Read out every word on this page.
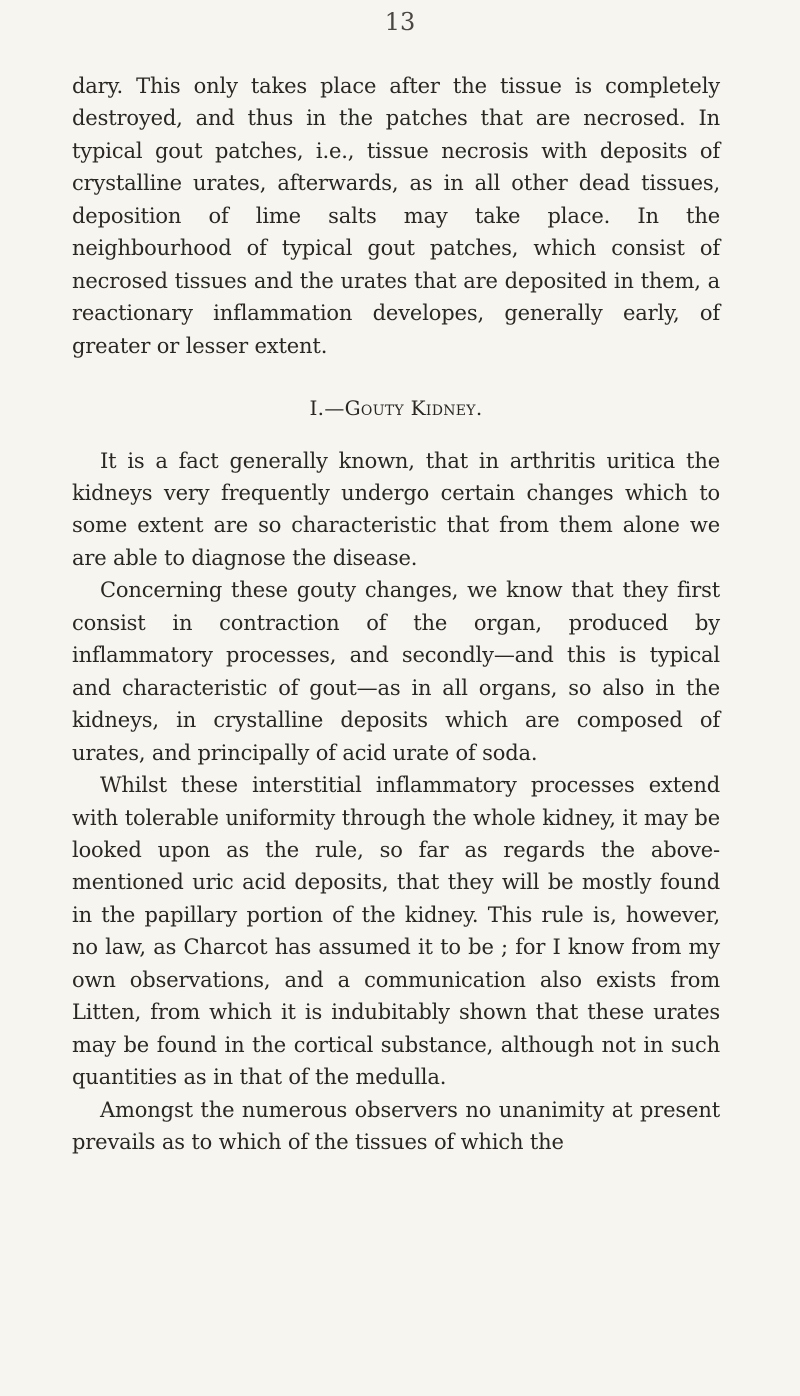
13

dary. This only takes place after the tissue is completely destroyed, and thus in the patches that are necrosed. In typical gout patches, i.e., tissue necrosis with deposits of crystalline urates, afterwards, as in all other dead tissues, deposition of lime salts may take place. In the neighbourhood of typical gout patches, which consist of necrosed tissues and the urates that are deposited in them, a reactionary inflammation developes, generally early, of greater or lesser extent.

I.—Gouty Kidney.

It is a fact generally known, that in arthritis uritica the kidneys very frequently undergo certain changes which to some extent are so characteristic that from them alone we are able to diagnose the disease.

Concerning these gouty changes, we know that they first consist in contraction of the organ, produced by inflammatory processes, and secondly—and this is typical and characteristic of gout—as in all organs, so also in the kidneys, in crystalline deposits which are composed of urates, and principally of acid urate of soda.

Whilst these interstitial inflammatory processes extend with tolerable uniformity through the whole kidney, it may be looked upon as the rule, so far as regards the above-mentioned uric acid deposits, that they will be mostly found in the papillary portion of the kidney. This rule is, however, no law, as Charcot has assumed it to be ; for I know from my own observations, and a communication also exists from Litten, from which it is indubitably shown that these urates may be found in the cortical substance, although not in such quantities as in that of the medulla.

Amongst the numerous observers no unanimity at present prevails as to which of the tissues of which the
